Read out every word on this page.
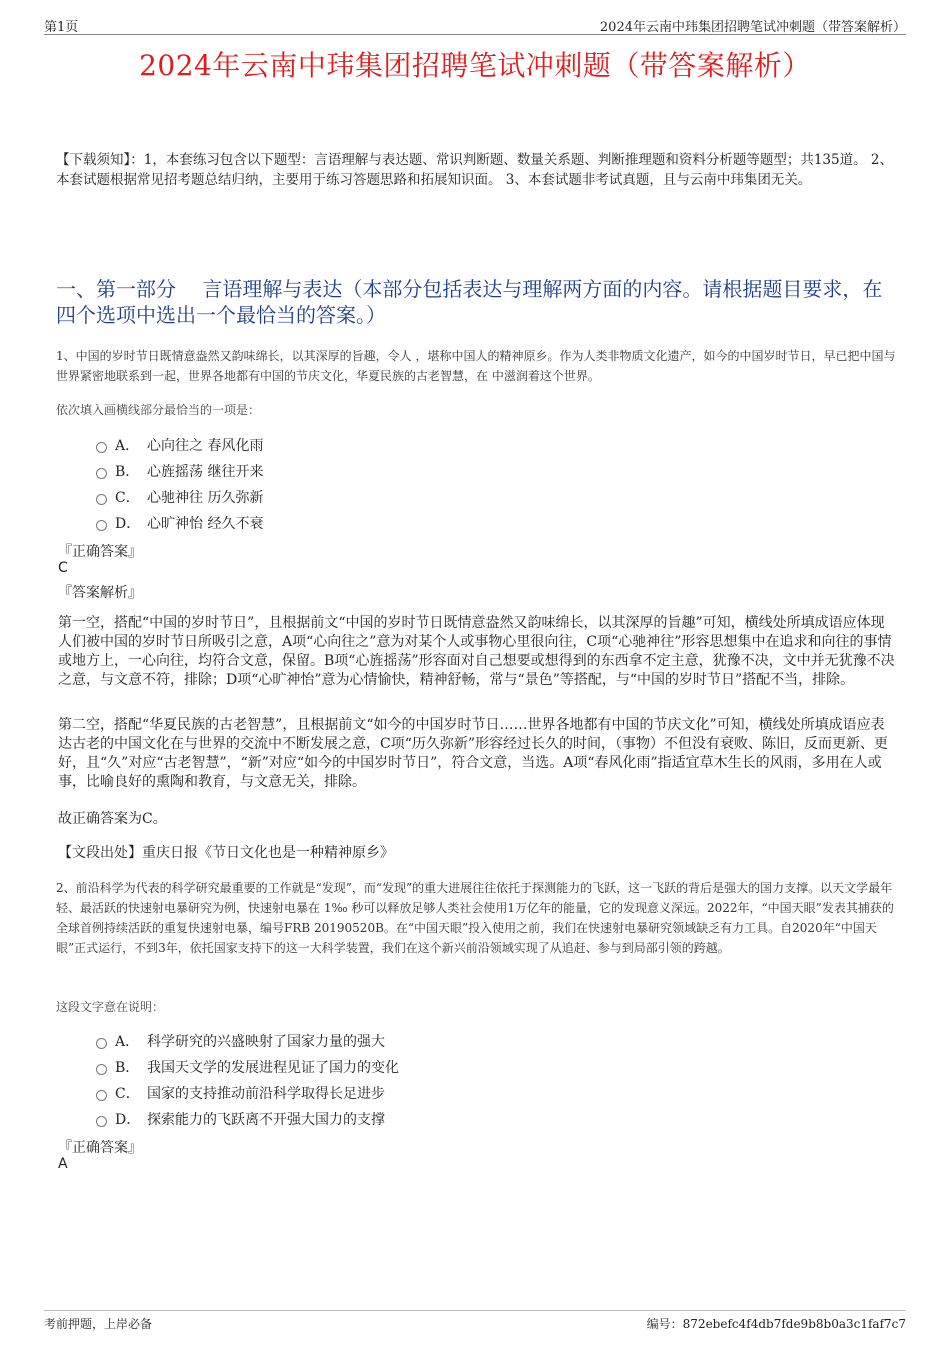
第1页	2024年云南中玮集团招聘笔试冲刺题（带答案解析）
2024年云南中玮集团招聘笔试冲刺题（带答案解析）
【下载须知】：1，本套练习包含以下题型：言语理解与表达题、常识判断题、数量关系题、判断推理题和资料分析题等题型；共135道。 2、本套试题根据常见招考题总结归纳，主要用于练习答题思路和拓展知识面。 3、本套试题非考试真题，且与云南中玮集团无关。
一、第一部分　 言语理解与表达（本部分包括表达与理解两方面的内容。请根据题目要求，在四个选项中选出一个最恰当的答案。）
1、中国的岁时节日既情意盎然又韵味绵长，以其深厚的旨趣，令人 ，堪称中国人的精神原乡。作为人类非物质文化遗产，如今的中国岁时节日，早已把中国与世界紧密地联系到一起，世界各地都有中国的节庆文化，华夏民族的古老智慧，在 中滋润着这个世界。
依次填入画横线部分最恰当的一项是：
A． 心向往之 春风化雨
B． 心旌摇荡 继往开来
C． 心驰神往 历久弥新
D． 心旷神怡 经久不衰
『正确答案』
C
『答案解析』
第一空，搭配“中国的岁时节日”，且根据前文“中国的岁时节日既情意盎然又韵味绵长，以其深厚的旨趣”可知，横线处所填成语应体现人们被中国的岁时节日所吸引之意，A项“心向往之”意为对某个人或事物心里很向往，C项“心驰神往”形容思想集中在追求和向往的事情或地方上，一心向往，均符合文意，保留。B项“心旌摇荡”形容面对自己想要或想得到的东西拿不定主意，犹豫不决，文中并无犹豫不决之意，与文意不符，排除；D项“心旷神怡”意为心情愉快，精神舒畅，常与“景色”等搭配，与“中国的岁时节日”搭配不当，排除。
第二空，搭配“华夏民族的古老智慧”，且根据前文“如今的中国岁时节日……世界各地都有中国的节庆文化”可知，横线处所填成语应表达古老的中国文化在与世界的交流中不断发展之意，C项“历久弥新”形容经过长久的时间，（事物）不但没有衰败、陈旧，反而更新、更好，且“久”对应“古老智慧”，“新”对应“如今的中国岁时节日”，符合文意，当选。A项“春风化雨”指适宜草木生长的风雨，多用在人或事，比喻良好的熏陶和教育，与文意无关，排除。
故正确答案为C。
【文段出处】重庆日报《节日文化也是一种精神原乡》
2、前沿科学为代表的科学研究最重要的工作就是“发现”，而“发现”的重大进展往往依托于探测能力的飞跃，这一飞跃的背后是强大的国力支撑。以天文学最年轻、最活跃的快速射电暴研究为例，快速射电暴在 1‰ 秒可以释放足够人类社会使用1万亿年的能量，它的发现意义深远。2022年，“中国天眼”发表其捕获的全球首例持续活跃的重复快速射电暴，编号FRB 20190520B。在“中国天眼”投入使用之前，我们在快速射电暴研究领域缺乏有力工具。自2020年“中国天眼”正式运行，不到3年，依托国家支持下的这一大科学装置，我们在这个新兴前沿领域实现了从追赶、参与到局部引领的跨越。
这段文字意在说明：
A． 科学研究的兴盛映射了国家力量的强大
B． 我国天文学的发展进程见证了国力的变化
C． 国家的支持推动前沿科学取得长足进步
D． 探索能力的飞跃离不开强大国力的支撑
『正确答案』
A
考前押题，上岸必备	编号：872ebefc4f4db7fde9b8b0a3c1faf7c7
